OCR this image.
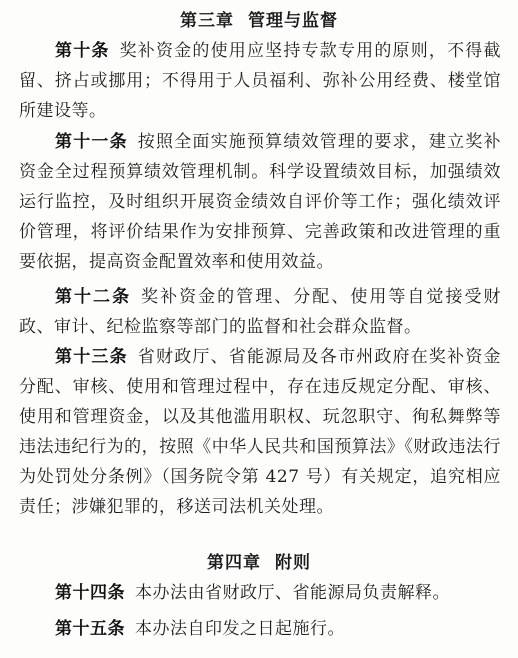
第三章 管理与监督

第十条 奖补资金的使用应坚持专款专用的原则，不得截留、挤占或挪用；不得用于人员福利、弥补公用经费、楼堂馆所建设等。

第十一条 按照全面实施预算绩效管理的要求，建立奖补资金全过程预算绩效管理机制。科学设置绩效目标，加强绩效运行监控，及时组织开展资金绩效自评价等工作；强化绩效评价管理，将评价结果作为安排预算、完善政策和改进管理的重要依据，提高资金配置效率和使用效益。

第十二条 奖补资金的管理、分配、使用等自觉接受财政、审计、纪检监察等部门的监督和社会群众监督。

第十三条 省财政厅、省能源局及各市州政府在奖补资金分配、审核、使用和管理过程中，存在违反规定分配、审核、使用和管理资金，以及其他滥用职权、玩忽职守、徇私舞弊等违法违纪行为的，按照《中华人民共和国预算法》《财政违法行为处罚处分条例》（国务院令第 427 号）有关规定，追究相应责任；涉嫌犯罪的，移送司法机关处理。

第四章 附则

第十四条 本办法由省财政厅、省能源局负责解释。

第十五条 本办法自印发之日起施行。
